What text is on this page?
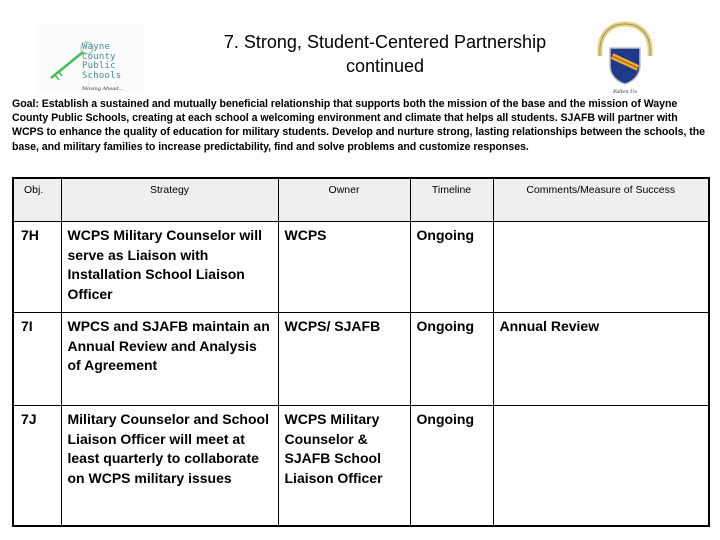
Wayne
County
Public
Schools
Moving Ahead...
7. Strong, Student-Centered Partnership
continued
Fallen Us
Goal: Establish a sustained and mutually beneficial relationship that supports both the mission of the base and the mission of Wayne County Public Schools, creating at each school a welcoming environment and climate that helps all students. SJAFB will partner with WCPS to enhance the quality of education for military students. Develop and nurture strong, lasting relationships between the schools, the base, and military families to increase predictability, find and solve problems and customize responses.
Obj.	Strategy	Owner	Timeline	Comments/Measure of Success
7H	WCPS Military Counselor will serve as Liaison with Installation School Liaison Officer	WCPS	Ongoing	
7I	WPCS and SJAFB maintain an Annual Review and Analysis of Agreement	WCPS/ SJAFB	Ongoing	Annual Review
7J	Military Counselor and School Liaison Officer will meet at least quarterly to collaborate on WCPS military issues	WCPS Military Counselor & SJAFB School Liaison Officer	Ongoing	
